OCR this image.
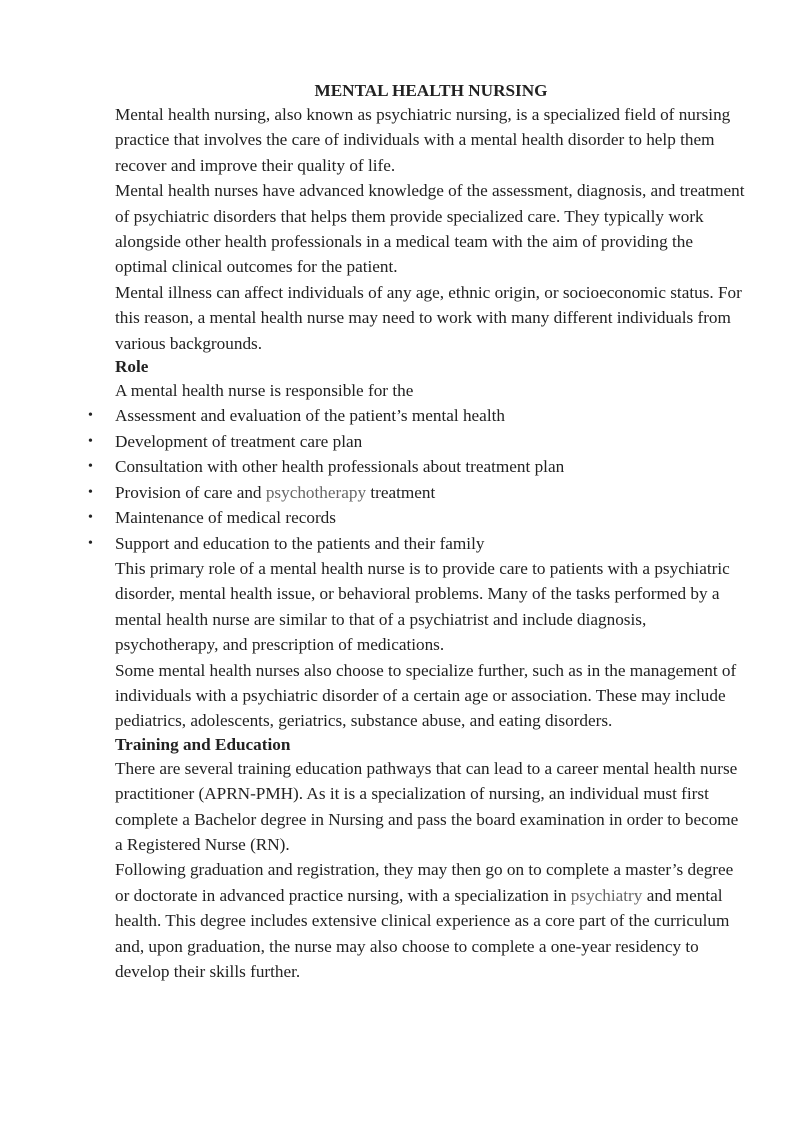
MENTAL HEALTH NURSING

Mental health nursing, also known as psychiatric nursing, is a specialized field of nursing practice that involves the care of individuals with a mental health disorder to help them recover and improve their quality of life.

Mental health nurses have advanced knowledge of the assessment, diagnosis, and treatment of psychiatric disorders that helps them provide specialized care. They typically work alongside other health professionals in a medical team with the aim of providing the optimal clinical outcomes for the patient.

Mental illness can affect individuals of any age, ethnic origin, or socioeconomic status. For this reason, a mental health nurse may need to work with many different individuals from various backgrounds.

Role

A mental health nurse is responsible for the

• Assessment and evaluation of the patient’s mental health
• Development of treatment care plan
• Consultation with other health professionals about treatment plan
• Provision of care and psychotherapy treatment
• Maintenance of medical records
• Support and education to the patients and their family

This primary role of a mental health nurse is to provide care to patients with a psychiatric disorder, mental health issue, or behavioral problems. Many of the tasks performed by a mental health nurse are similar to that of a psychiatrist and include diagnosis, psychotherapy, and prescription of medications.

Some mental health nurses also choose to specialize further, such as in the management of individuals with a psychiatric disorder of a certain age or association. These may include pediatrics, adolescents, geriatrics, substance abuse, and eating disorders.

Training and Education

There are several training education pathways that can lead to a career mental health nurse practitioner (APRN-PMH). As it is a specialization of nursing, an individual must first complete a Bachelor degree in Nursing and pass the board examination in order to become a Registered Nurse (RN).

Following graduation and registration, they may then go on to complete a master’s degree or doctorate in advanced practice nursing, with a specialization in psychiatry and mental health. This degree includes extensive clinical experience as a core part of the curriculum and, upon graduation, the nurse may also choose to complete a one-year residency to develop their skills further.
